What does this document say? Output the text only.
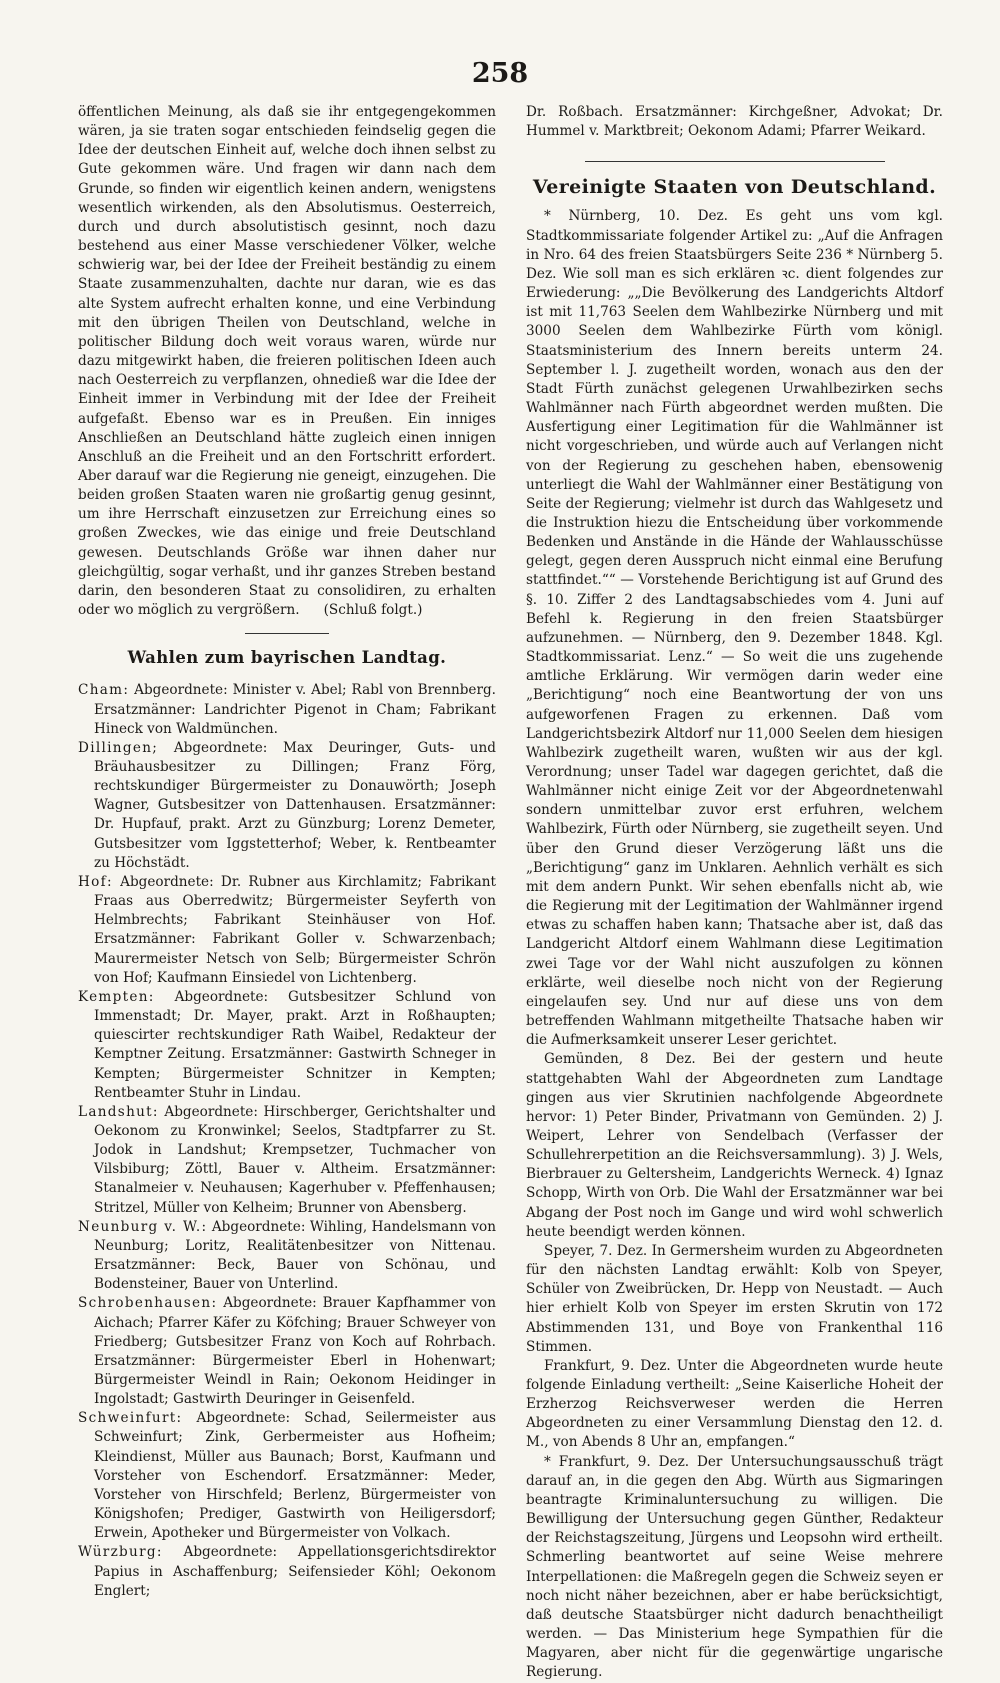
258

öffentlichen Meinung, als daß sie ihr entgegengekommen wären, ja sie traten sogar entschieden feindselig gegen die Idee der deutschen Einheit auf, welche doch ihnen selbst zu Gute gekommen wäre. Und fragen wir dann nach dem Grunde, so finden wir eigentlich keinen andern, wenigstens wesentlich wirkenden, als den Absolutismus. Oesterreich, durch und durch absolutistisch gesinnt, noch dazu bestehend aus einer Masse verschiedener Völker, welche schwierig war, bei der Idee der Freiheit beständig zu einem Staate zusammenzuhalten, dachte nur daran, wie es das alte System aufrecht erhalten konne, und eine Verbindung mit den übrigen Theilen von Deutschland, welche in politischer Bildung doch weit voraus waren, würde nur dazu mitgewirkt haben, die freieren politischen Ideen auch nach Oesterreich zu verpflanzen, ohnedieß war die Idee der Einheit immer in Verbindung mit der Idee der Freiheit aufgefaßt. Ebenso war es in Preußen. Ein inniges Anschließen an Deutschland hätte zugleich einen innigen Anschluß an die Freiheit und an den Fortschritt erfordert. Aber darauf war die Regierung nie geneigt, einzugehen. Die beiden großen Staaten waren nie großartig genug gesinnt, um ihre Herrschaft einzusetzen zur Erreichung eines so großen Zweckes, wie das einige und freie Deutschland gewesen. Deutschlands Größe war ihnen daher nur gleichgültig, sogar verhaßt, und ihr ganzes Streben bestand darin, den besonderen Staat zu consolidiren, zu erhalten oder wo möglich zu vergrößern. (Schluß folgt.)

Wahlen zum bayrischen Landtag.

Cham: Abgeordnete: Minister v. Abel; Rabl von Brennberg. Ersatzmänner: Landrichter Pigenot in Cham; Fabrikant Hineck von Waldmünchen.

Dillingen; Abgeordnete: Max Deuringer, Guts- und Bräuhausbesitzer zu Dillingen; Franz Förg, rechtskundiger Bürgermeister zu Donauwörth; Joseph Wagner, Gutsbesitzer von Dattenhausen. Ersatzmänner: Dr. Hupfauf, prakt. Arzt zu Günzburg; Lorenz Demeter, Gutsbesitzer vom Iggstetterhof; Weber, k. Rentbeamter zu Höchstädt.

Hof: Abgeordnete: Dr. Rubner aus Kirchlamitz; Fabrikant Fraas aus Oberredwitz; Bürgermeister Seyferth von Helmbrechts; Fabrikant Steinhäuser von Hof. Ersatzmänner: Fabrikant Goller v. Schwarzenbach; Maurermeister Netsch von Selb; Bürgermeister Schrön von Hof; Kaufmann Einsiedel von Lichtenberg.

Kempten: Abgeordnete: Gutsbesitzer Schlund von Immenstadt; Dr. Mayer, prakt. Arzt in Roßhaupten; quiescirter rechtskundiger Rath Waibel, Redakteur der Kemptner Zeitung. Ersatzmänner: Gastwirth Schneger in Kempten; Bürgermeister Schnitzer in Kempten; Rentbeamter Stuhr in Lindau.

Landshut: Abgeordnete: Hirschberger, Gerichtshalter und Oekonom zu Kronwinkel; Seelos, Stadtpfarrer zu St. Jodok in Landshut; Krempsetzer, Tuchmacher von Vilsbiburg; Zöttl, Bauer v. Altheim. Ersatzmänner: Stanalmeier v. Neuhausen; Kagerhuber v. Pfeffenhausen; Stritzel, Müller von Kelheim; Brunner von Abensberg.

Neunburg v. W.: Abgeordnete: Wihling, Handelsmann von Neunburg; Loritz, Realitätenbesitzer von Nittenau. Ersatzmänner: Beck, Bauer von Schönau, und Bodensteiner, Bauer von Unterlind.

Schrobenhausen: Abgeordnete: Brauer Kapfhammer von Aichach; Pfarrer Käfer zu Köfching; Brauer Schweyer von Friedberg; Gutsbesitzer Franz von Koch auf Rohrbach. Ersatzmänner: Bürgermeister Eberl in Hohenwart; Bürgermeister Weindl in Rain; Oekonom Heidinger in Ingolstadt; Gastwirth Deuringer in Geisenfeld.

Schweinfurt: Abgeordnete: Schad, Seilermeister aus Schweinfurt; Zink, Gerbermeister aus Hofheim; Kleindienst, Müller aus Baunach; Borst, Kaufmann und Vorsteher von Eschendorf. Ersatzmänner: Meder, Vorsteher von Hirschfeld; Berlenz, Bürgermeister von Königshofen; Prediger, Gastwirth von Heiligersdorf; Erwein, Apotheker und Bürgermeister von Volkach.

Würzburg: Abgeordnete: Appellationsgerichtsdirektor Papius in Aschaffenburg; Seifensieder Köhl; Oekonom Englert;

Dr. Roßbach. Ersatzmänner: Kirchgeßner, Advokat; Dr. Hummel v. Marktbreit; Oekonom Adami; Pfarrer Weikard.

Vereinigte Staaten von Deutschland.

* Nürnberg, 10. Dez. Es geht uns vom kgl. Stadtkommissariate folgender Artikel zu: „Auf die Anfragen in Nro. 64 des freien Staatsbürgers Seite 236 * Nürnberg 5. Dez. Wie soll man es sich erklären ꝛc. dient folgendes zur Erwiederung: „„Die Bevölkerung des Landgerichts Altdorf ist mit 11,763 Seelen dem Wahlbezirke Nürnberg und mit 3000 Seelen dem Wahlbezirke Fürth vom königl. Staatsministerium des Innern bereits unterm 24. September l. J. zugetheilt worden, wonach aus den der Stadt Fürth zunächst gelegenen Urwahlbezirken sechs Wahlmänner nach Fürth abgeordnet werden mußten. Die Ausfertigung einer Legitimation für die Wahlmänner ist nicht vorgeschrieben, und würde auch auf Verlangen nicht von der Regierung zu geschehen haben, ebensowenig unterliegt die Wahl der Wahlmänner einer Bestätigung von Seite der Regierung; vielmehr ist durch das Wahlgesetz und die Instruktion hiezu die Entscheidung über vorkommende Bedenken und Anstände in die Hände der Wahlausschüsse gelegt, gegen deren Ausspruch nicht einmal eine Berufung stattfindet.““ — Vorstehende Berichtigung ist auf Grund des §. 10. Ziffer 2 des Landtagsabschiedes vom 4. Juni auf Befehl k. Regierung in den freien Staatsbürger aufzunehmen. — Nürnberg, den 9. Dezember 1848. Kgl. Stadtkommissariat. Lenz.“ — So weit die uns zugehende amtliche Erklärung. Wir vermögen darin weder eine „Berichtigung“ noch eine Beantwortung der von uns aufgeworfenen Fragen zu erkennen. Daß vom Landgerichtsbezirk Altdorf nur 11,000 Seelen dem hiesigen Wahlbezirk zugetheilt waren, wußten wir aus der kgl. Verordnung; unser Tadel war dagegen gerichtet, daß die Wahlmänner nicht einige Zeit vor der Abgeordnetenwahl sondern unmittelbar zuvor erst erfuhren, welchem Wahlbezirk, Fürth oder Nürnberg, sie zugetheilt seyen. Und über den Grund dieser Verzögerung läßt uns die „Berichtigung“ ganz im Unklaren. Aehnlich verhält es sich mit dem andern Punkt. Wir sehen ebenfalls nicht ab, wie die Regierung mit der Legitimation der Wahlmänner irgend etwas zu schaffen haben kann; Thatsache aber ist, daß das Landgericht Altdorf einem Wahlmann diese Legitimation zwei Tage vor der Wahl nicht auszufolgen zu können erklärte, weil dieselbe noch nicht von der Regierung eingelaufen sey. Und nur auf diese uns von dem betreffenden Wahlmann mitgetheilte Thatsache haben wir die Aufmerksamkeit unserer Leser gerichtet.

Gemünden, 8 Dez. Bei der gestern und heute stattgehabten Wahl der Abgeordneten zum Landtage gingen aus vier Skrutinien nachfolgende Abgeordnete hervor: 1) Peter Binder, Privatmann von Gemünden. 2) J. Weipert, Lehrer von Sendelbach (Verfasser der Schullehrerpetition an die Reichsversammlung). 3) J. Wels, Bierbrauer zu Geltersheim, Landgerichts Werneck. 4) Ignaz Schopp, Wirth von Orb. Die Wahl der Ersatzmänner war bei Abgang der Post noch im Gange und wird wohl schwerlich heute beendigt werden können.

Speyer, 7. Dez. In Germersheim wurden zu Abgeordneten für den nächsten Landtag erwählt: Kolb von Speyer, Schüler von Zweibrücken, Dr. Hepp von Neustadt. — Auch hier erhielt Kolb von Speyer im ersten Skrutin von 172 Abstimmenden 131, und Boye von Frankenthal 116 Stimmen.

Frankfurt, 9. Dez. Unter die Abgeordneten wurde heute folgende Einladung vertheilt: „Seine Kaiserliche Hoheit der Erzherzog Reichsverweser werden die Herren Abgeordneten zu einer Versammlung Dienstag den 12. d. M., von Abends 8 Uhr an, empfangen.“

* Frankfurt, 9. Dez. Der Untersuchungsausschuß trägt darauf an, in die gegen den Abg. Würth aus Sigmaringen beantragte Kriminaluntersuchung zu willigen. Die Bewilligung der Untersuchung gegen Günther, Redakteur der Reichstagszeitung, Jürgens und Leopsohn wird ertheilt. Schmerling beantwortet auf seine Weise mehrere Interpellationen: die Maßregeln gegen die Schweiz seyen er noch nicht näher bezeichnen, aber er habe berücksichtigt, daß deutsche Staatsbürger nicht dadurch benachtheiligt werden. — Das Ministerium hege Sympathien für die Magyaren, aber nicht für die gegenwärtige ungarische Regierung.
